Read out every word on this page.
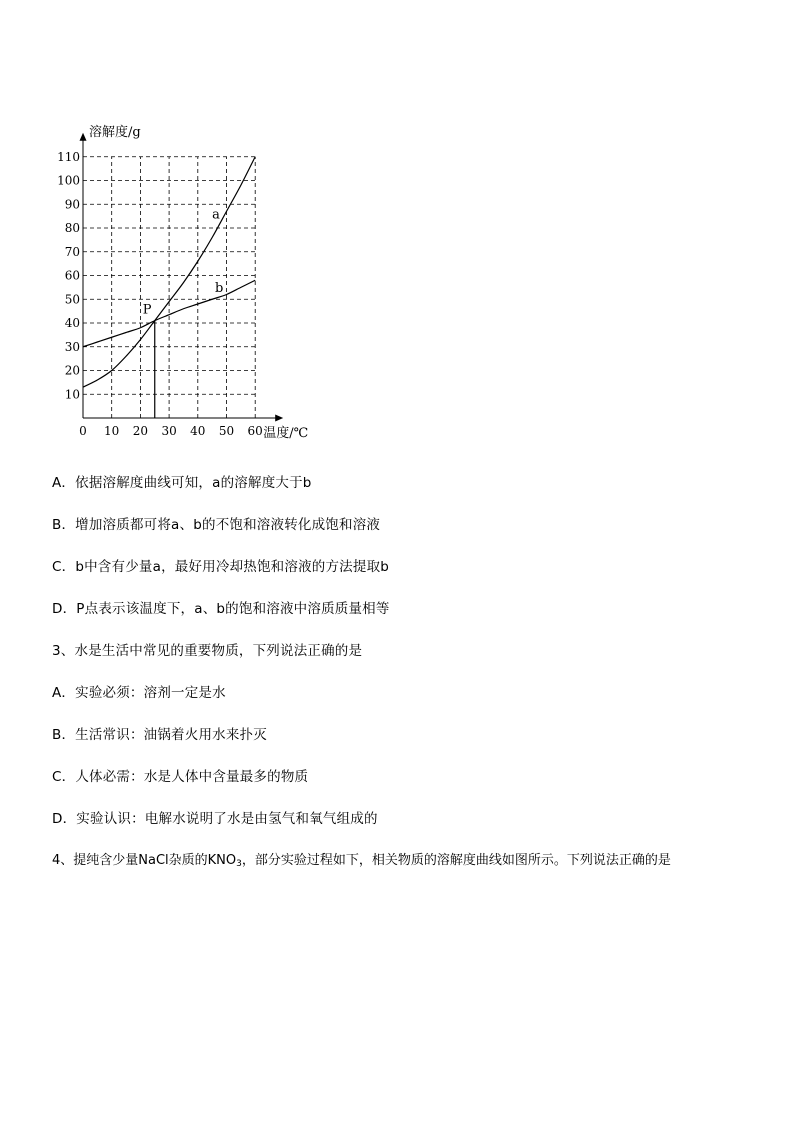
10
20
30
40
50
60
70
80
90
100
110
0 10 20 30 40 50 60
溶解度/g
温度/℃
a
b
P
A．依据溶解度曲线可知，a的溶解度大于b
B．增加溶质都可将a、b的不饱和溶液转化成饱和溶液
C．b中含有少量a，最好用冷却热饱和溶液的方法提取b
D．P点表示该温度下，a、b的饱和溶液中溶质质量相等
3、水是生活中常见的重要物质，下列说法正确的是
A．实验必须：溶剂一定是水
B．生活常识：油锅着火用水来扑灭
C．人体必需：水是人体中含量最多的物质
D．实验认识：电解水说明了水是由氢气和氧气组成的
4、提纯含少量NaCl杂质的$KNO_3$，部分实验过程如下，相关物质的溶解度曲线如图所示。下列说法正确的是
